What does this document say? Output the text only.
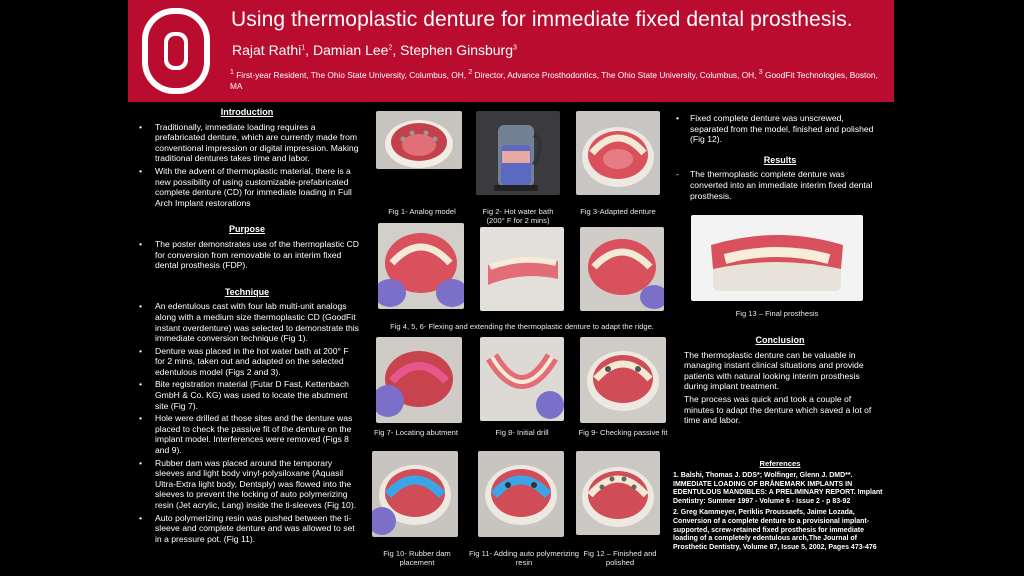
Using thermoplastic denture for immediate fixed dental prosthesis.
Rajat Rathi$^1$, Damian Lee$^2$, Stephen Ginsburg$^3$
$^1$ First-year Resident, The Ohio State University, Columbus, OH, $^2$ Director, Advance Prosthodontics, The Ohio State University, Columbus, OH, $^3$ GoodFit Technologies, Boston, MA
Introduction
• Traditionally, immediate loading requires a prefabricated denture, which are currently made from conventional impression or digital impression. Making traditional dentures takes time and labor.
• With the advent of thermoplastic material, there is a new possibility of using customizable-prefabricated complete denture (CD) for immediate loading in Full Arch Implant restorations
Purpose
• The poster demonstrates use of the thermoplastic CD for conversion from removable to an interim fixed dental prosthesis (FDP).
Technique
• An edentulous cast with four lab multi-unit analogs along with a medium size thermoplastic CD (GoodFit instant overdenture) was selected to demonstrate this immediate conversion technique (Fig 1).
• Denture was placed in the hot water bath at 200° F for 2 mins, taken out and adapted on the selected edentulous model (Figs 2 and 3).
• Bite registration material (Futar D Fast, Kettenbach GmbH & Co. KG) was used to locate the abutment site (Fig 7).
• Hole were drilled at those sites and the denture was placed to check the passive fit of the denture on the implant model. Interferences were removed (Figs 8 and 9).
• Rubber dam was placed around the temporary sleeves and light body vinyl-polysiloxane (Aquasil Ultra-Extra light body, Dentsply) was flowed into the sleeves to prevent the locking of auto polymerizing resin (Jet acrylic, Lang) inside the ti-sleeves (Fig 10).
• Auto polymerizing resin was pushed between the ti-sleeve and complete denture and was allowed to set in a pressure pot. (Fig 11).
Fig 1- Analog model	Fig 2- Hot water bath
(200° F for 2 mins)
Fig 3-Adapted denture
Fig 4, 5, 6- Flexing and extending the thermoplastic denture to adapt the ridge.
Fig 7- Locating abutment	Fig 8- Initial drill	Fig 9- Checking passive fit
Fig 10- Rubber dam
placement
Fig 11- Adding auto polymerizing
resin
Fig 12 – Finished and
polished
Fig 13 – Final prosthesis
• Fixed complete denture was unscrewed, separated from the model, finished and polished (Fig 12).
Results
- The thermoplastic complete denture was converted into an immediate interim fixed dental prosthesis.
Conclusion

The thermoplastic denture can be valuable in managing instant clinical situations and provide patients with natural looking interim prosthesis during implant treatment.

The process was quick and took a couple of minutes to adapt the denture which saved a lot of time and labor.

References

1. Balshi, Thomas J. DDS*; Wolfinger, Glenn J. DMD**. IMMEDIATE LOADING OF BRÅNEMARK IMPLANTS IN EDENTULOUS MANDIBLES: A PRELIMINARY REPORT. Implant Dentistry: Summer 1997 - Volume 6 - Issue 2 - p 83-92

2. Greg Kammeyer, Periklis Proussaefs, Jaime Lozada, Conversion of a complete denture to a provisional implant-supported, screw-retained fixed prosthesis for immediate loading of a completely edentulous arch,The Journal of Prosthetic Dentistry, Volume 87, Issue 5, 2002, Pages 473-476
